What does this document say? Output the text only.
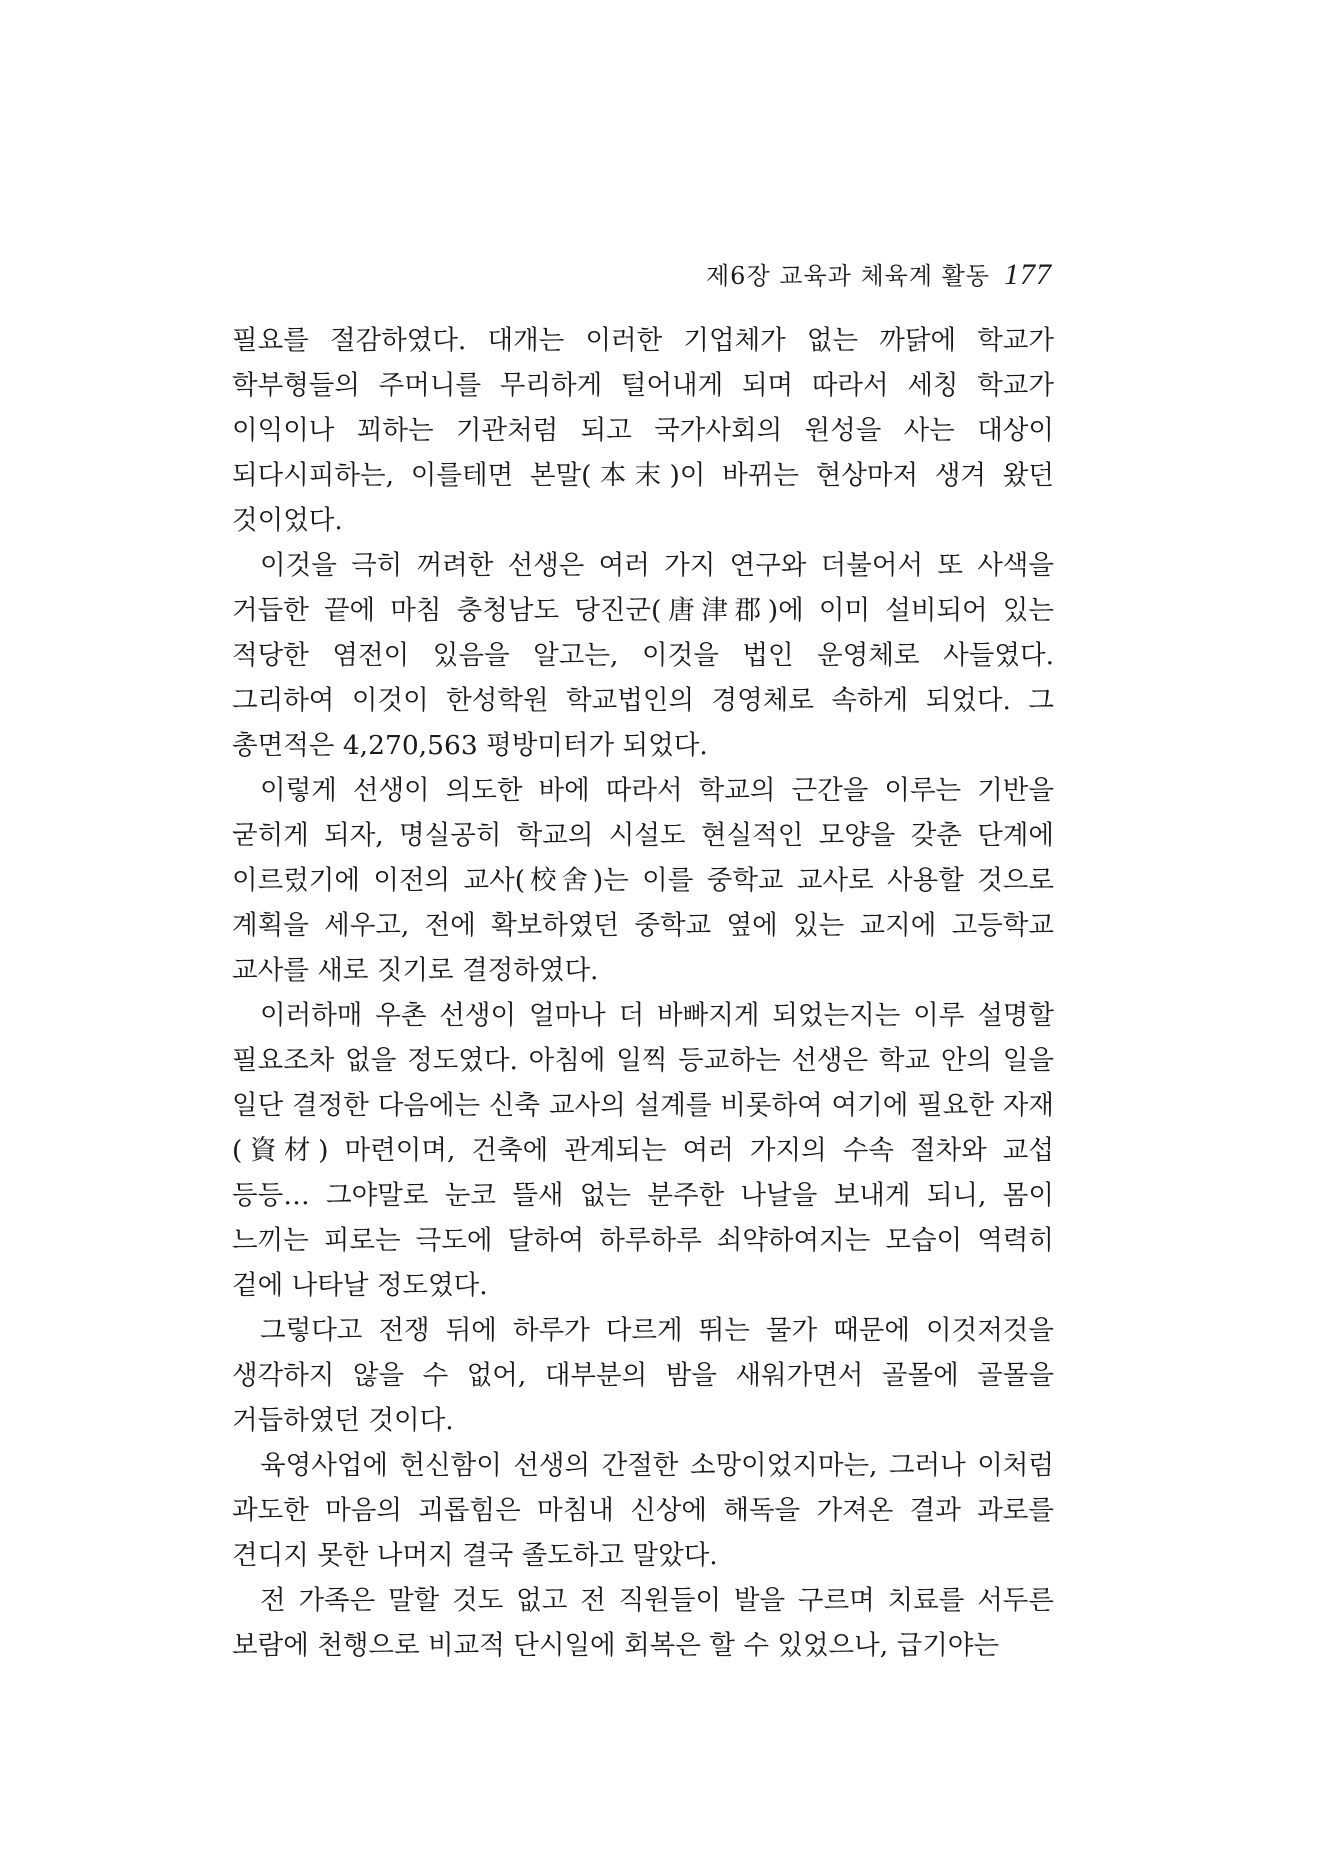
제6장 교육과 체육계 활동 177

필요를 절감하였다. 대개는 이러한 기업체가 없는 까닭에 학교가 학부형들의 주머니를 무리하게 털어내게 되며 따라서 세칭 학교가 이익이나 꾀하는 기관처럼 되고 국가사회의 원성을 사는 대상이 되다시피하는, 이를테면 본말(本末)이 바뀌는 현상마저 생겨 왔던 것이었다.

이것을 극히 꺼려한 선생은 여러 가지 연구와 더불어서 또 사색을 거듭한 끝에 마침 충청남도 당진군(唐津郡)에 이미 설비되어 있는 적당한 염전이 있음을 알고는, 이것을 법인 운영체로 사들였다. 그리하여 이것이 한성학원 학교법인의 경영체로 속하게 되었다. 그 총면적은 4,270,563 평방미터가 되었다.

이렇게 선생이 의도한 바에 따라서 학교의 근간을 이루는 기반을 굳히게 되자, 명실공히 학교의 시설도 현실적인 모양을 갖춘 단계에 이르렀기에 이전의 교사(校舍)는 이를 중학교 교사로 사용할 것으로 계획을 세우고, 전에 확보하였던 중학교 옆에 있는 교지에 고등학교 교사를 새로 짓기로 결정하였다.

이러하매 우촌 선생이 얼마나 더 바빠지게 되었는지는 이루 설명할 필요조차 없을 정도였다. 아침에 일찍 등교하는 선생은 학교 안의 일을 일단 결정한 다음에는 신축 교사의 설계를 비롯하여 여기에 필요한 자재(資材) 마련이며, 건축에 관계되는 여러 가지의 수속 절차와 교섭 등등… 그야말로 눈코 뜰새 없는 분주한 나날을 보내게 되니, 몸이 느끼는 피로는 극도에 달하여 하루하루 쇠약하여지는 모습이 역력히 겉에 나타날 정도였다.

그렇다고 전쟁 뒤에 하루가 다르게 뛰는 물가 때문에 이것저것을 생각하지 않을 수 없어, 대부분의 밤을 새워가면서 골몰에 골몰을 거듭하였던 것이다.

육영사업에 헌신함이 선생의 간절한 소망이었지마는, 그러나 이처럼 과도한 마음의 괴롭힘은 마침내 신상에 해독을 가져온 결과 과로를 견디지 못한 나머지 결국 졸도하고 말았다.

전 가족은 말할 것도 없고 전 직원들이 발을 구르며 치료를 서두른 보람에 천행으로 비교적 단시일에 회복은 할 수 있었으나, 급기야는
